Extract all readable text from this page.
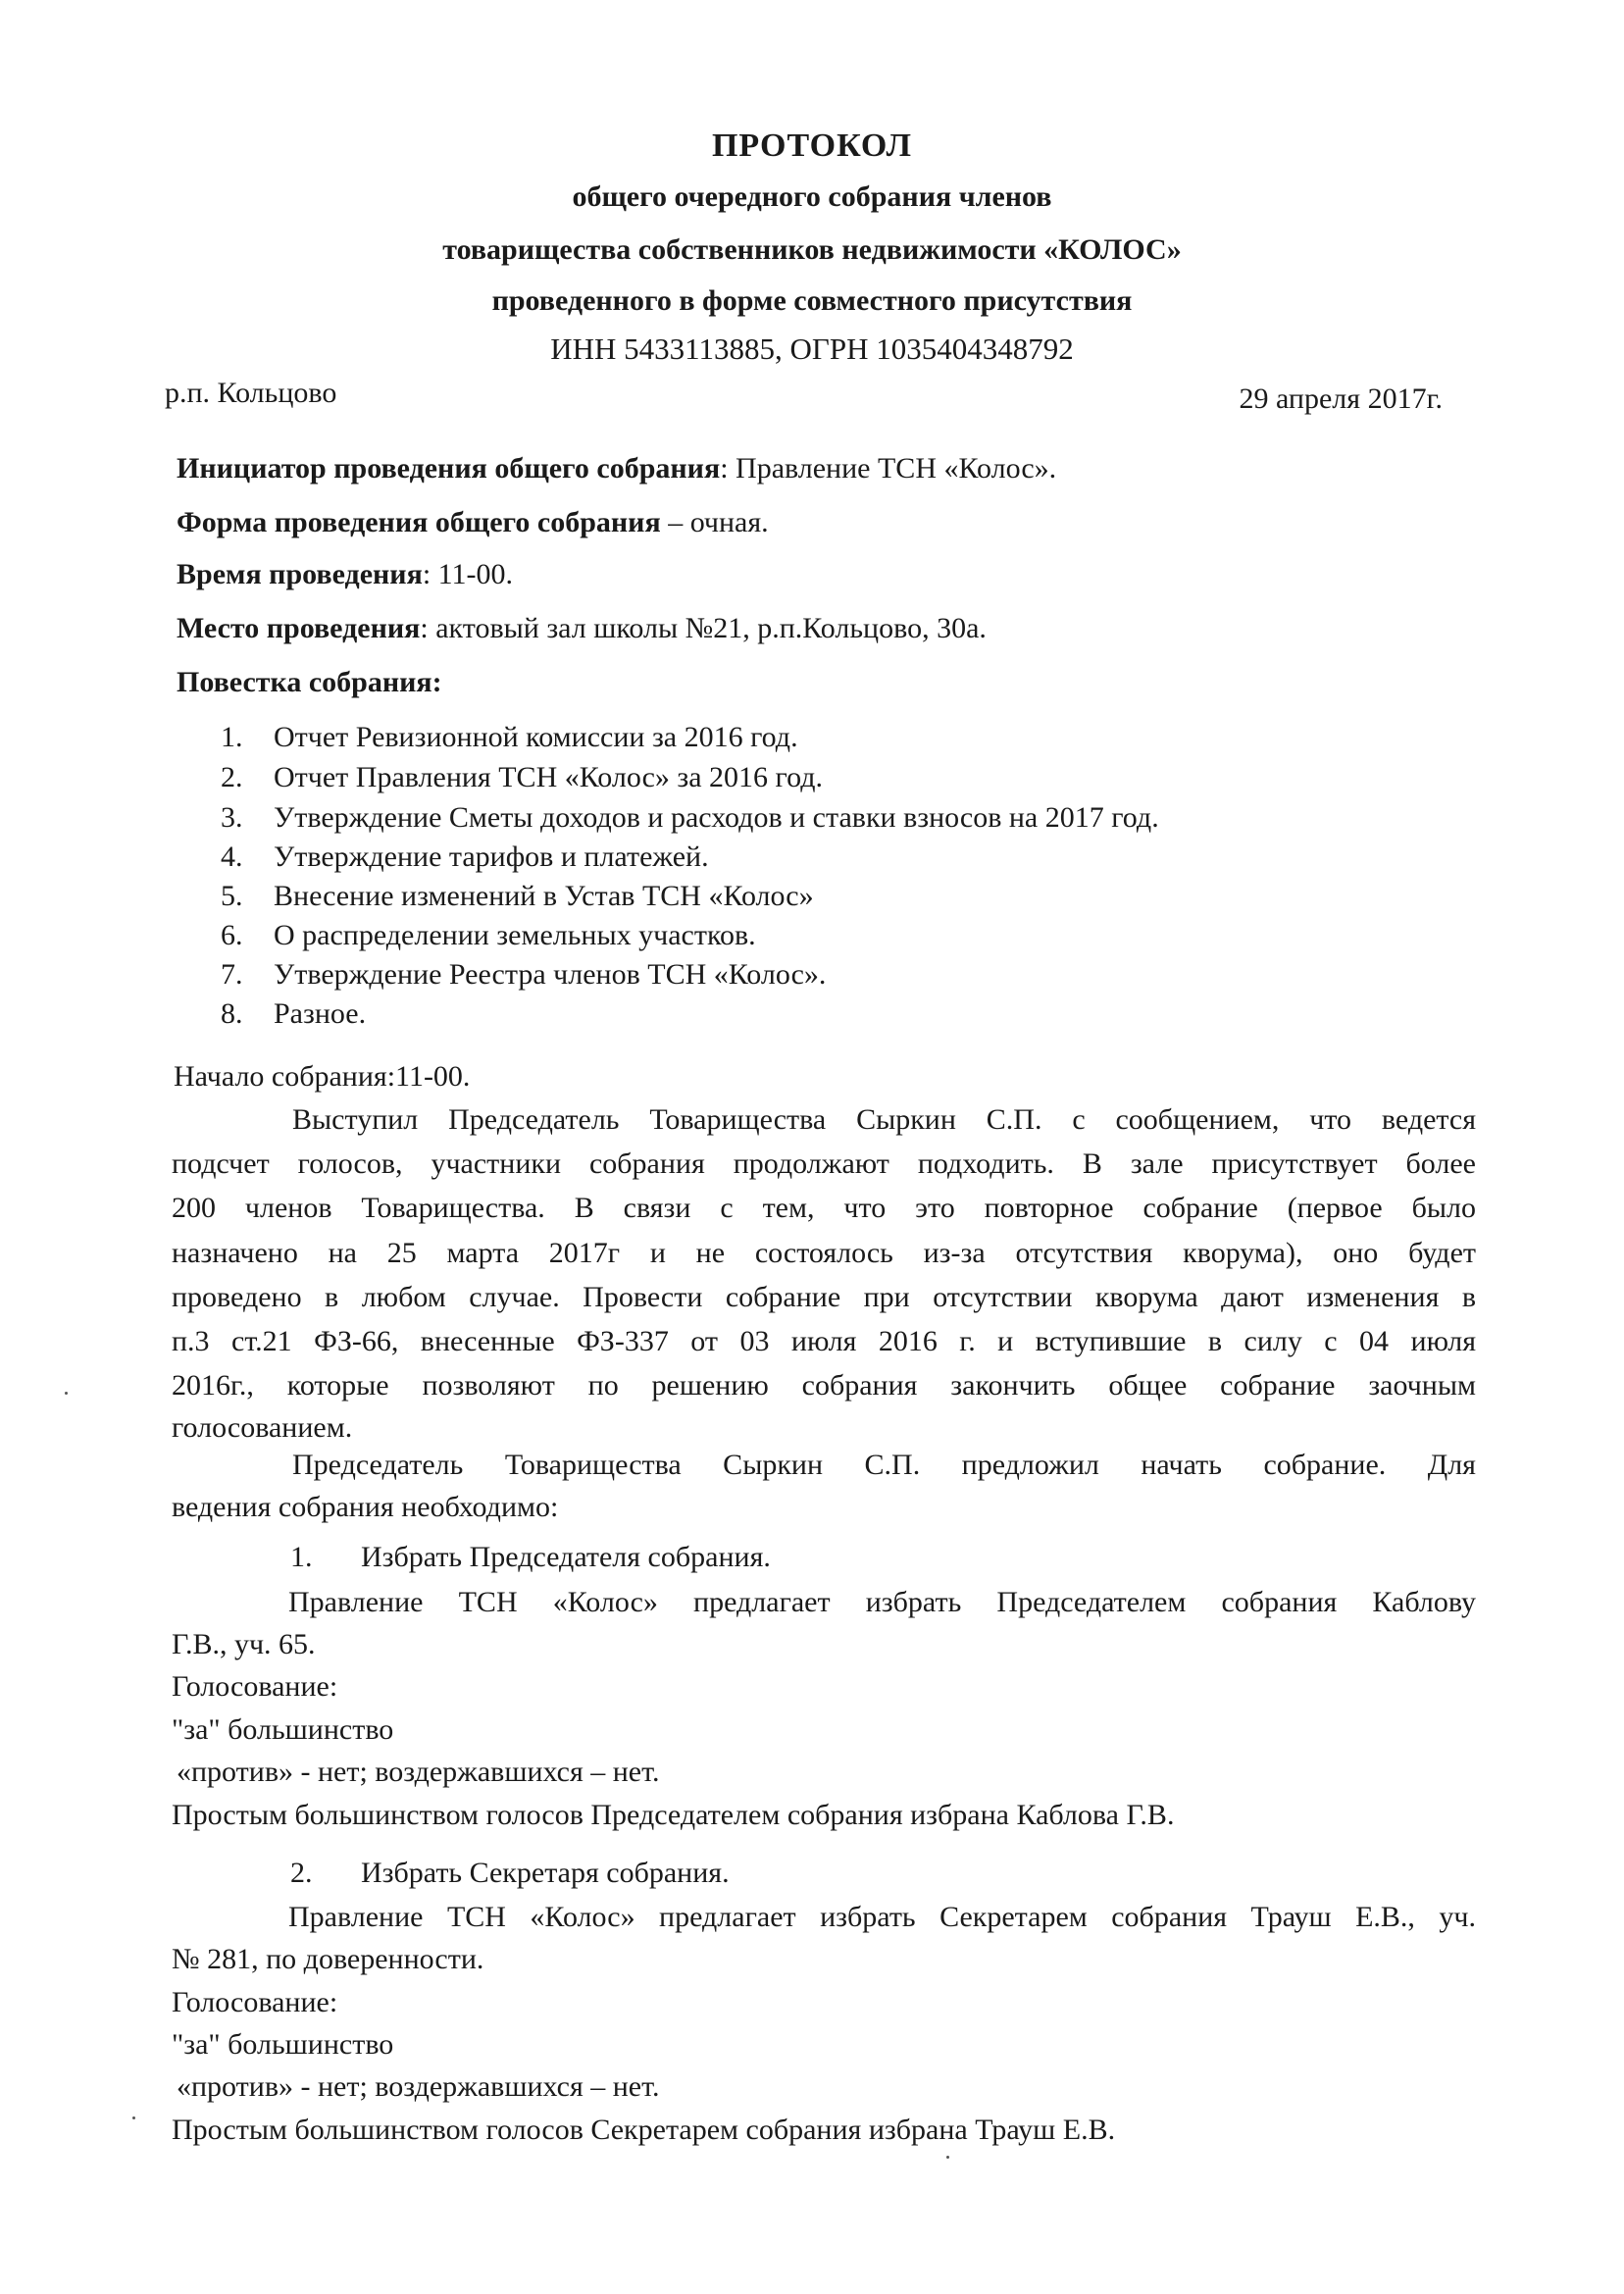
ПРОТОКОЛ
общего очередного собрания членов
товарищества собственников недвижимости «КОЛОС»
проведенного в форме совместного присутствия
ИНН 5433113885, ОГРН 1035404348792
р.п. Кольцово	29 апреля 2017г.
Инициатор проведения общего собрания: Правление ТСН «Колос».
Форма проведения общего собрания – очная.
Время проведения: 11-00.
Место проведения: актовый зал школы №21, р.п.Кольцово, 30а.
Повестка собрания:
1. Отчет Ревизионной комиссии за 2016 год.
2. Отчет Правления ТСН «Колос» за 2016 год.
3. Утверждение Сметы доходов и расходов и ставки взносов на 2017 год.
4. Утверждение тарифов и платежей.
5. Внесение изменений в Устав ТСН «Колос»
6. О распределении земельных участков.
7. Утверждение Реестра членов ТСН «Колос».
8. Разное.
Начало собрания:11-00.
Выступил Председатель Товарищества Сыркин С.П. с сообщением, что ведется
подсчет голосов, участники собрания продолжают подходить. В зале присутствует более
200 членов Товарищества. В связи с тем, что это повторное собрание (первое было
назначено на 25 марта 2017г и не состоялось из-за отсутствия кворума), оно будет
проведено в любом случае. Провести собрание при отсутствии кворума дают изменения в
п.3 ст.21 ФЗ-66, внесенные ФЗ-337 от 03 июля 2016 г. и вступившие в силу с 04 июля
2016г., которые позволяют по решению собрания закончить общее собрание заочным
голосованием.
Председатель Товарищества Сыркин С.П. предложил начать собрание. Для
ведения собрания необходимо:
1. Избрать Председателя собрания.
Правление ТСН «Колос» предлагает избрать Председателем собрания Каблову
Г.В., уч. 65.
Голосование:
"за" большинство
«против» - нет; воздержавшихся – нет.
Простым большинством голосов Председателем собрания избрана Каблова Г.В.
2. Избрать Секретаря собрания.
Правление ТСН «Колос» предлагает избрать Секретарем собрания Трауш Е.В., уч.
№ 281, по доверенности.
Голосование:
"за" большинство
«против» - нет; воздержавшихся – нет.
Простым большинством голосов Секретарем собрания избрана Трауш Е.В.
